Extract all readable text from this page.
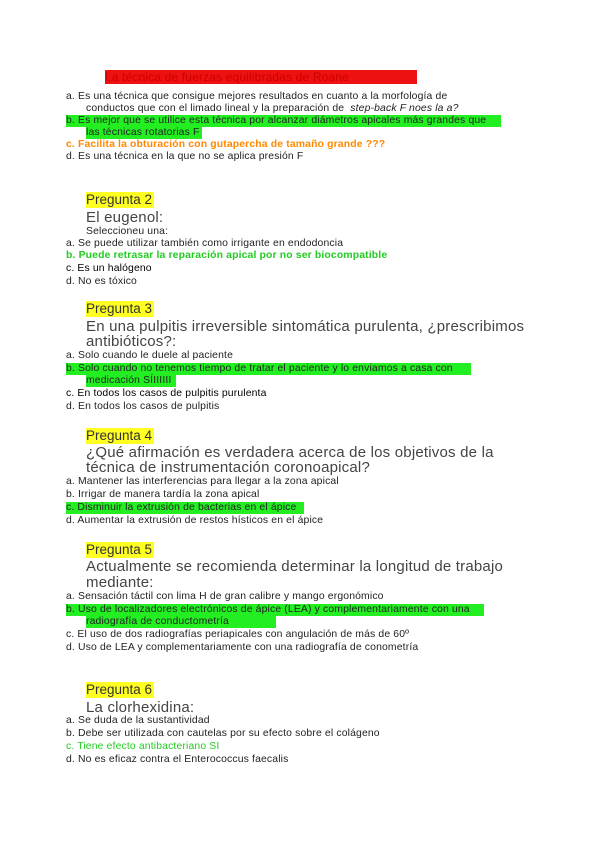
La técnica de fuerzas equilibradas de Roane
a. Es una técnica que consigue mejores resultados en cuanto a la morfología de
conductos que con el limado lineal y la preparación de step-back F noes la a?
b. Es mejor que se utilice esta técnica por alcanzar diámetros apicales más grandes que
las técnicas rotatorias F
c. Facilita la obturación con gutapercha de tamaño grande ???
d. Es una técnica en la que no se aplica presión F
Pregunta 2
El eugenol:
Seleccioneu una:
a. Se puede utilizar también como irrigante en endodoncia
b. Puede retrasar la reparación apical por no ser biocompatible
c. Es un halógeno
d. No es tóxico
Pregunta 3
En una pulpitis irreversible sintomática purulenta, ¿prescribimos
antibióticos?:
a. Solo cuando le duele al paciente
b. Solo cuando no tenemos tiempo de tratar el paciente y lo enviamos a casa con
medicación SÍIIIIII
c. En todos los casos de pulpitis purulenta
d. En todos los casos de pulpitis
Pregunta 4
¿Qué afirmación es verdadera acerca de los objetivos de la
técnica de instrumentación coronoapical?
a. Mantener las interferencias para llegar a la zona apical
b. Irrigar de manera tardía la zona apical
c. Disminuir la extrusión de bacterias en el ápice
d. Aumentar la extrusión de restos hísticos en el ápice
Pregunta 5
Actualmente se recomienda determinar la longitud de trabajo
mediante:
a. Sensación táctil con lima H de gran calibre y mango ergonómico
b. Uso de localizadores electrónicos de ápice (LEA) y complementariamente con una
radiografía de conductometría
c. El uso de dos radiografías periapicales con angulación de más de 60º
d. Uso de LEA y complementariamente con una radiografía de conometría
Pregunta 6
La clorhexidina:
a. Se duda de la sustantividad
b. Debe ser utilizada con cautelas por su efecto sobre el colágeno
c. Tiene efecto antibacteriano SI
d. No es eficaz contra el Enterococcus faecalis
